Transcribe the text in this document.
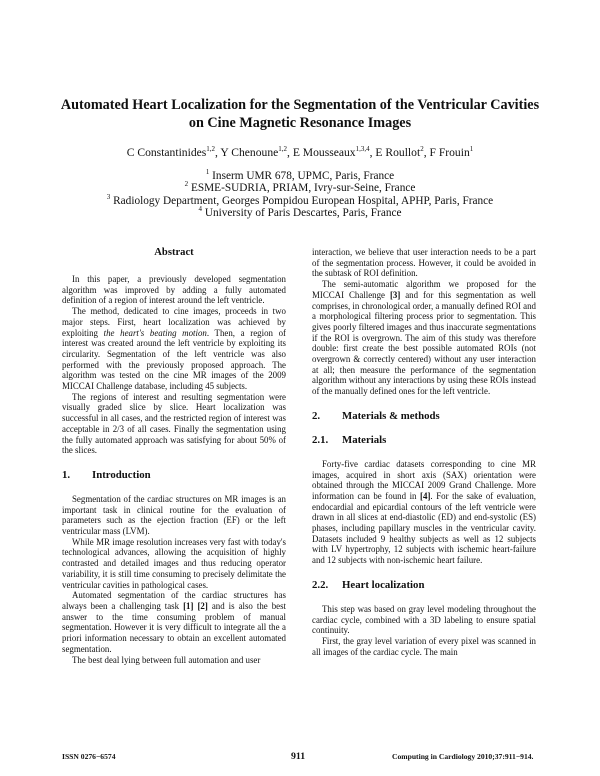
Automated Heart Localization for the Segmentation of the Ventricular Cavities
on Cine Magnetic Resonance Images
C Constantinides$^{1,2}$, Y Chenoune$^{1,2}$, E Mousseaux$^{1,3,4}$, E Roullot$^2$, F Frouin$^1$
$^1$ Inserm UMR 678, UPMC, Paris, France
$^2$ ESME-SUDRIA, PRIAM, Ivry-sur-Seine, France
$^3$ Radiology Department, Georges Pompidou European Hospital, APHP, Paris, France
$^4$ University of Paris Descartes, Paris, France
Abstract

In this paper, a previously developed segmentation algorithm was improved by adding a fully automated definition of a region of interest around the left ventricle.

The method, dedicated to cine images, proceeds in two major steps. First, heart localization was achieved by exploiting the heart's beating motion. Then, a region of interest was created around the left ventricle by exploiting its circularity. Segmentation of the left ventricle was also performed with the previously proposed approach. The algorithm was tested on the cine MR images of the 2009 MICCAI Challenge database, including 45 subjects.

The regions of interest and resulting segmentation were visually graded slice by slice. Heart localization was successful in all cases, and the restricted region of interest was acceptable in 2/3 of all cases. Finally the segmentation using the fully automated approach was satisfying for about 50% of the slices.

1.	Introduction

Segmentation of the cardiac structures on MR images is an important task in clinical routine for the evaluation of parameters such as the ejection fraction (EF) or the left ventricular mass (LVM).

While MR image resolution increases very fast with today's technological advances, allowing the acquisition of highly contrasted and detailed images and thus reducing operator variability, it is still time consuming to precisely delimitate the ventricular cavities in pathological cases.

Automated segmentation of the cardiac structures has always been a challenging task [1] [2] and is also the best answer to the time consuming problem of manual segmentation. However it is very difficult to integrate all the a priori information necessary to obtain an excellent automated segmentation.

The best deal lying between full automation and user

interaction, we believe that user interaction needs to be a part of the segmentation process. However, it could be avoided in the subtask of ROI definition.

The semi-automatic algorithm we proposed for the MICCAI Challenge [3] and for this segmentation as well comprises, in chronological order, a manually defined ROI and a morphological filtering process prior to segmentation. This gives poorly filtered images and thus inaccurate segmentations if the ROI is overgrown. The aim of this study was therefore double: first create the best possible automated ROIs (not overgrown & correctly centered) without any user interaction at all; then measure the performance of the segmentation algorithm without any interactions by using these ROIs instead of the manually defined ones for the left ventricle.

2.	Materials & methods
2.1.	Materials

Forty-five cardiac datasets corresponding to cine MR images, acquired in short axis (SAX) orientation were obtained through the MICCAI 2009 Grand Challenge. More information can be found in [4]. For the sake of evaluation, endocardial and epicardial contours of the left ventricle were drawn in all slices at end-diastolic (ED) and end-systolic (ES) phases, including papillary muscles in the ventricular cavity. Datasets included 9 healthy subjects as well as 12 subjects with LV hypertrophy, 12 subjects with ischemic heart-failure and 12 subjects with non-ischemic heart failure.

2.2.	Heart localization

This step was based on gray level modeling throughout the cardiac cycle, combined with a 3D labeling to ensure spatial continuity.

First, the gray level variation of every pixel was scanned in all images of the cardiac cycle. The main

ISSN 0276−6574	911	Computing in Cardiology 2010;37:911−914.
